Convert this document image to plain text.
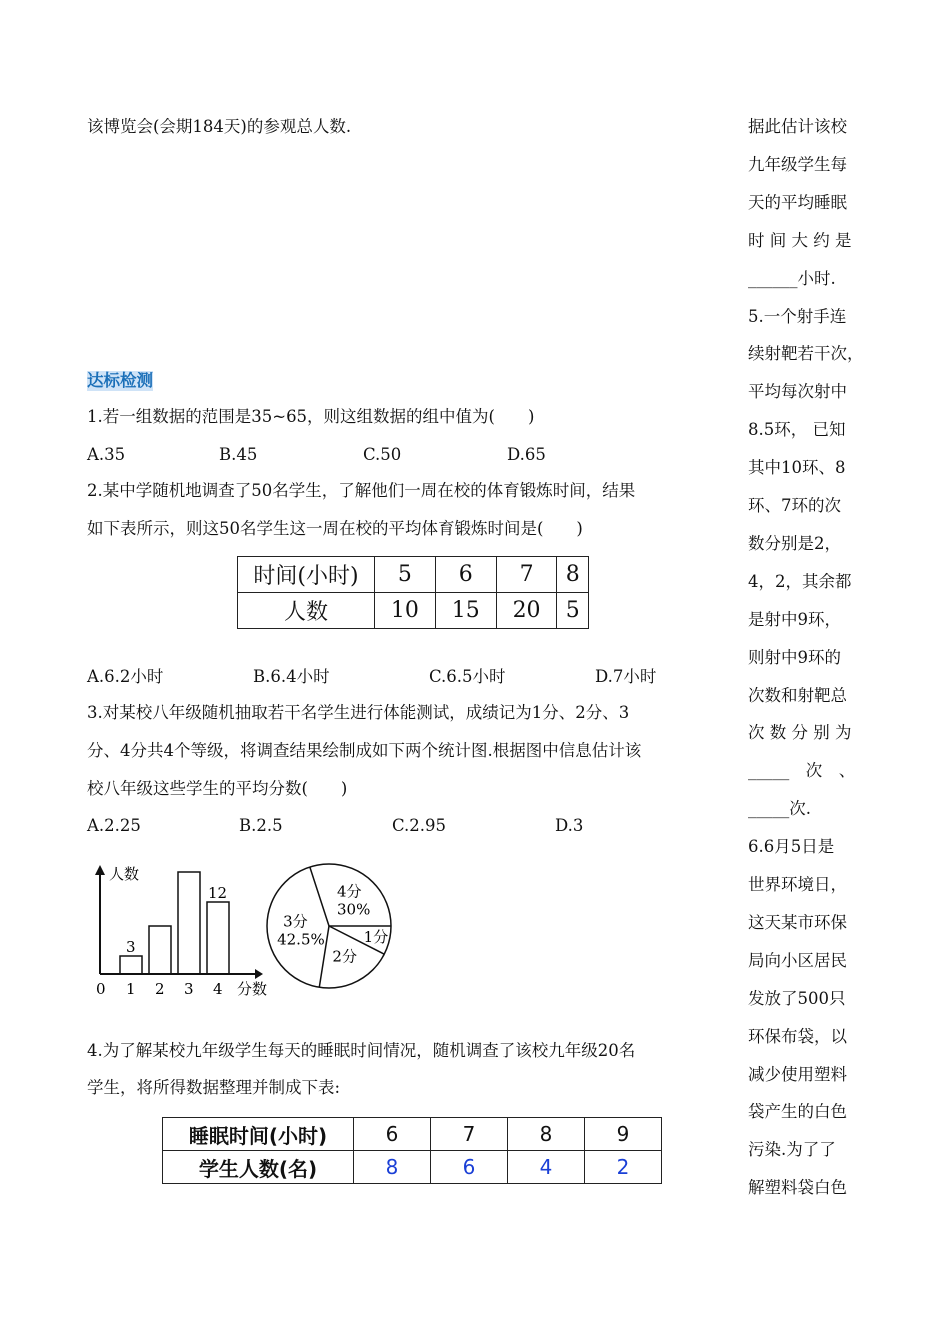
该博览会(会期184天)的参观总人数.
达标检测
1.若一组数据的范围是35~65，则这组数据的组中值为(　　)
A.35	B.45	C.50	D.65
2.某中学随机地调查了50名学生，了解他们一周在校的体育锻炼时间，结果
如下表所示，则这50名学生这一周在校的平均体育锻炼时间是(　　)
时间(小时)	5	6	7	8
人数	10	15	20	5
A.6.2小时	B.6.4小时	C.6.5小时	D.7小时
3.对某校八年级随机抽取若干名学生进行体能测试，成绩记为1分、2分、3
分、4分共4个等级，将调查结果绘制成如下两个统计图.根据图中信息估计该
校八年级这些学生的平均分数(　　)
A.2.25	B.2.5	C.2.95	D.3
1
3
2 3 4
12
人数
分数
0
4分
30%
1分
2分
3分
42.5%
4.为了解某校九年级学生每天的睡眠时间情况，随机调查了该校九年级20名
学生，将所得数据整理并制成下表:
睡眠时间(小时)	6	7	8	9
学生人数(名)	8	6	4	2
据此估计该校
九年级学生每
天的平均睡眠
时 间 大 约 是
______小时.
5.一个射手连
续射靶若干次，
平均每次射中
8.5环， 已知
其中10环、8
环、7环的次
数分别是2，
4，2，其余都
是射中9环，
则射中9环的
次数和射靶总
次 数 分 别 为
_____　次　、
_____次.
6.6月5日是
世界环境日，
这天某市环保
局向小区居民
发放了500只
环保布袋，以
减少使用塑料
袋产生的白色
污染.为了了
解塑料袋白色
